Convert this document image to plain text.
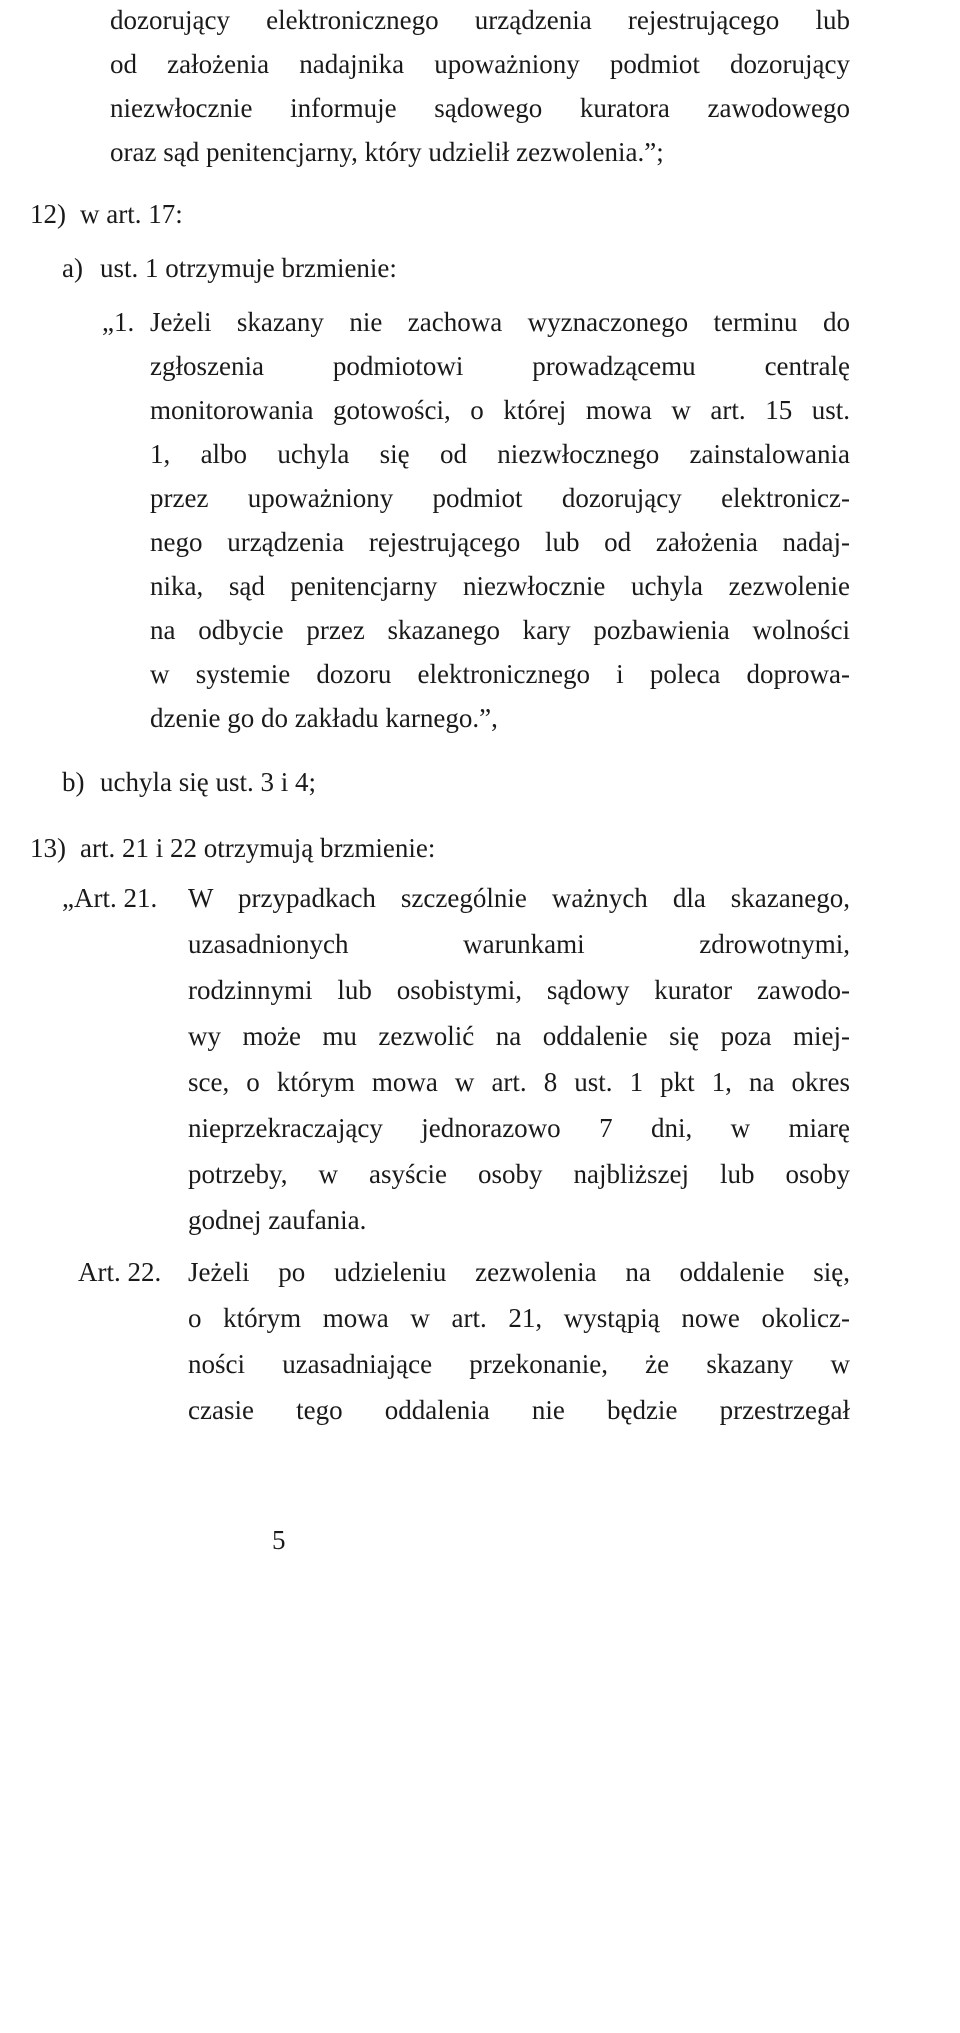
dozorujący elektronicznego urządzenia rejestrującego lub
od założenia nadajnika upoważniony podmiot dozorujący
niezwłocznie informuje sądowego kuratora zawodowego
oraz sąd penitencjarny, który udzielił zezwolenia.”;
12) w art. 17:
a) ust. 1 otrzymuje brzmienie:
„1. Jeżeli skazany nie zachowa wyznaczonego terminu do
zgłoszenia podmiotowi prowadzącemu centralę
monitorowania gotowości, o której mowa w art. 15 ust.
1, albo uchyla się od niezwłocznego zainstalowania
przez upoważniony podmiot dozorujący elektronicz-
nego urządzenia rejestrującego lub od założenia nadaj-
nika, sąd penitencjarny niezwłocznie uchyla zezwolenie
na odbycie przez skazanego kary pozbawienia wolności
w systemie dozoru elektronicznego i poleca doprowa-
dzenie go do zakładu karnego.”,
b) uchyla się ust. 3 i 4;
13) art. 21 i 22 otrzymują brzmienie:
„Art. 21. W przypadkach szczególnie ważnych dla skazanego,
uzasadnionych warunkami zdrowotnymi,
rodzinnymi lub osobistymi, sądowy kurator zawodo-
wy może mu zezwolić na oddalenie się poza miej-
sce, o którym mowa w art. 8 ust. 1 pkt 1, na okres
nieprzekraczający jednorazowo 7 dni, w miarę
potrzeby, w asyście osoby najbliższej lub osoby
godnej zaufania.
Art. 22. Jeżeli po udzieleniu zezwolenia na oddalenie się,
o którym mowa w art. 21, wystąpią nowe okolicz-
ności uzasadniające przekonanie, że skazany w
czasie tego oddalenia nie będzie przestrzegał
5
